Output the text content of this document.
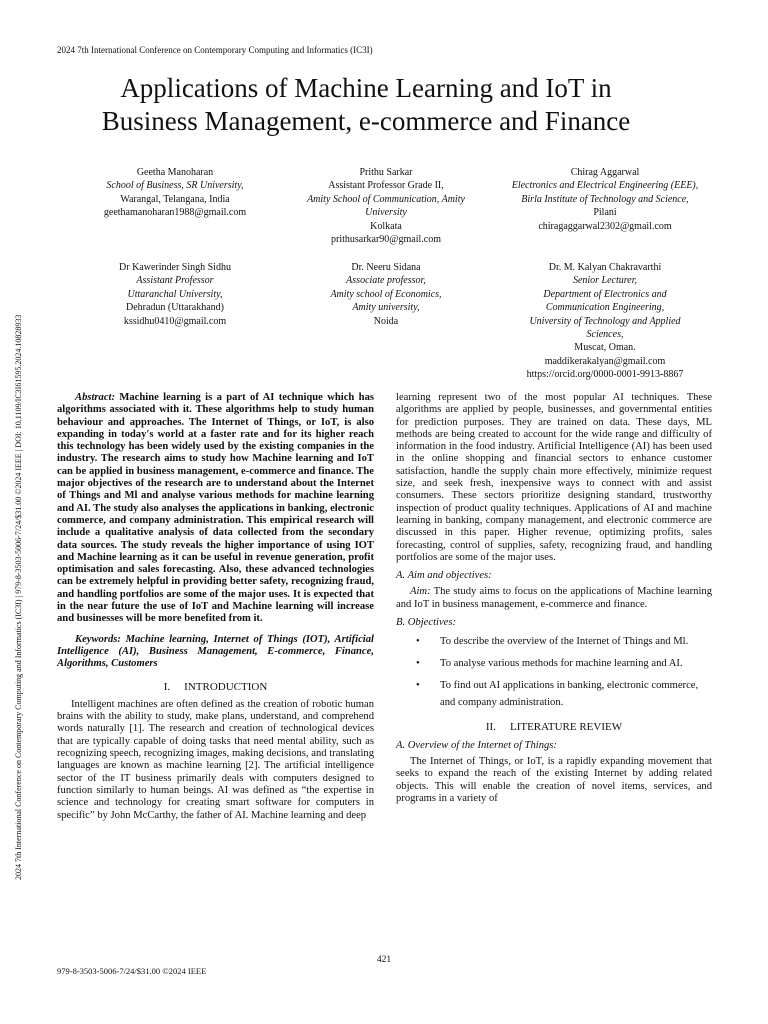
2024 7th International Conference on Contemporary Computing and Informatics (IC3I)
2024 7th International Conference on Contemporary Computing and Informatics (IC3I) | 979-8-3503-5006-7/24/$31.00 ©2024 IEEE | DOI: 10.1109/IC3I61595.2024.10828933
Applications of Machine Learning and IoT in
Business Management, e-commerce and Finance
Geetha Manoharan
School of Business, SR University,
Warangal, Telangana, India
geethamanoharan1988@gmail.com
Prithu Sarkar
Assistant Professor Grade II,
Amity School of Communication, Amity University
Kolkata
prithusarkar90@gmail.com
Chirag Aggarwal
Electronics and Electrical Engineering (EEE),
Birla Institute of Technology and Science,
Pilani
chiragaggarwal2302@gmail.com
Dr Kawerinder Singh Sidhu
Assistant Professor
Uttaranchal University,
Dehradun (Uttarakhand)
kssidhu0410@gmail.com
Dr. Neeru Sidana
Associate professor,
Amity school of Economics,
Amity university,
Noida
Dr. M. Kalyan Chakravarthi
Senior Lecturer,
Department of Electronics and
Communication Engineering,
University of Technology and Applied
Sciences,
Muscat, Oman.
maddikerakalyan@gmail.com
https://orcid.org/0000-0001-9913-8867

Abstract: Machine learning is a part of AI technique which has algorithms associated with it. These algorithms help to study human behaviour and approaches. The Internet of Things, or IoT, is also expanding in today's world at a faster rate and for its higher reach this technology has been widely used by the existing companies in the industry. The research aims to study how Machine learning and IoT can be applied in business management, e-commerce and finance. The major objectives of the research are to understand about the Internet of Things and Ml and analyse various methods for machine learning and AI. The study also analyses the applications in banking, electronic commerce, and company administration. This empirical research will include a qualitative analysis of data collected from the secondary data sources. The study reveals the higher importance of using IOT and Machine learning as it can be useful in revenue generation, profit optimisation and sales forecasting. Also, these advanced technologies can be extremely helpful in providing better safety, recognizing fraud, and handling portfolios are some of the major uses. It is expected that in the near future the use of IoT and Machine learning will increase and businesses will be more benefited from it.

Keywords: Machine learning, Internet of Things (IOT), Artificial Intelligence (AI), Business Management, E-commerce, Finance, Algorithms, Customers

I. INTRODUCTION

Intelligent machines are often defined as the creation of robotic human brains with the ability to study, make plans, understand, and comprehend words naturally [1]. The research and creation of technological devices that are typically capable of doing tasks that need mental ability, such as recognizing speech, recognizing images, making decisions, and translating languages are known as machine learning [2]. The artificial intelligence sector of the IT business primarily deals with computers designed to function similarly to human beings. AI was defined as “the expertise in science and technology for creating smart software for computers in specific” by John McCarthy, the father of AI. Machine learning and deep

learning represent two of the most popular AI techniques. These algorithms are applied by people, businesses, and governmental entities for prediction purposes. They are trained on data. These days, ML methods are being created to account for the wide range and difficulty of information in the food industry. Artificial Intelligence (AI) has been used in the online shopping and financial sectors to enhance customer satisfaction, handle the supply chain more effectively, minimize request size, and seek fresh, inexpensive ways to connect with and assist consumers. These sectors prioritize designing standard, trustworthy inspection of product quality techniques. Applications of AI and machine learning in banking, company management, and electronic commerce are discussed in this paper. Higher revenue, optimizing profits, sales forecasting, control of supplies, safety, recognizing fraud, and handling portfolios are some of the major uses.

A. Aim and objectives:

Aim: The study aims to focus on the applications of Machine learning and IoT in business management, e-commerce and finance.

B. Objectives:

• To describe the overview of the Internet of Things and Ml.
• To analyse various methods for machine learning and AI.
• To find out AI applications in banking, electronic commerce, and company administration.

II. LITERATURE REVIEW

A. Overview of the Internet of Things:

The Internet of Things, or IoT, is a rapidly expanding movement that seeks to expand the reach of the existing Internet by adding related objects. This will enable the creation of novel items, services, and programs in a variety of

421
979-8-3503-5006-7/24/$31.00 ©2024 IEEE
